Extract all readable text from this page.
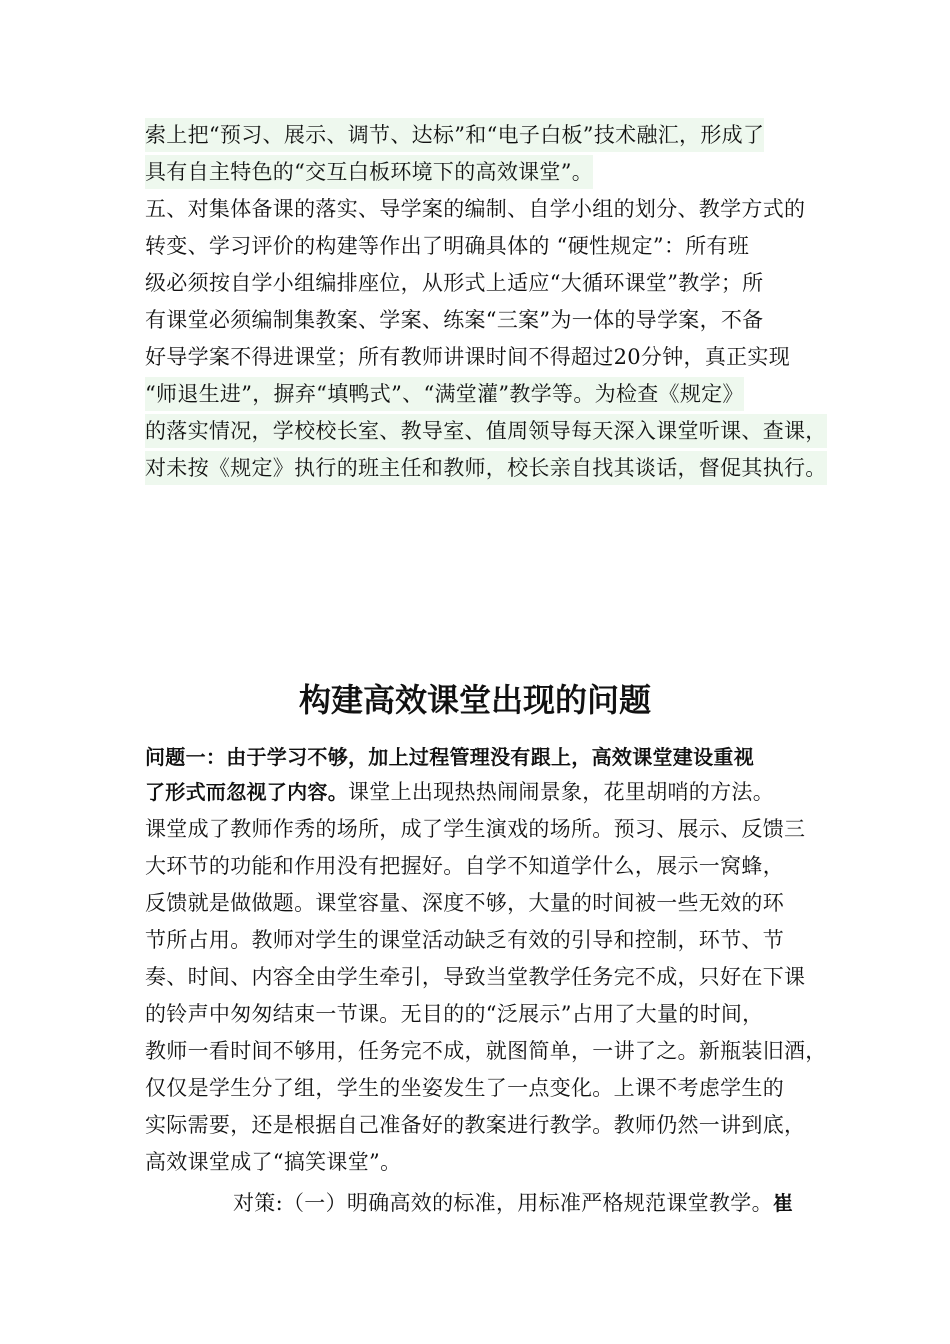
索上把“预习、展示、调节、达标”和“电子白板”技术融汇，形成了
具有自主特色的“交互白板环境下的高效课堂”。
五、对集体备课的落实、导学案的编制、自学小组的划分、教学方式的
转变、学习评价的构建等作出了明确具体的 “硬性规定”：所有班
级必须按自学小组编排座位，从形式上适应“大循环课堂”教学；所
有课堂必须编制集教案、学案、练案“三案”为一体的导学案，不备
好导学案不得进课堂；所有教师讲课时间不得超过20分钟，真正实现
“师退生进”，摒弃“填鸭式”、“满堂灌”教学等。为检查《规定》
的落实情况，学校校长室、教导室、值周领导每天深入课堂听课、查课，
对未按《规定》执行的班主任和教师，校长亲自找其谈话，督促其执行。
构建高效课堂出现的问题
问题一：由于学习不够，加上过程管理没有跟上，高效课堂建设重视
了形式而忽视了内容。课堂上出现热热闹闹景象，花里胡哨的方法。
课堂成了教师作秀的场所，成了学生演戏的场所。预习、展示、反馈三
大环节的功能和作用没有把握好。自学不知道学什么，展示一窝蜂，
反馈就是做做题。课堂容量、深度不够，大量的时间被一些无效的环
节所占用。教师对学生的课堂活动缺乏有效的引导和控制，环节、节
奏、时间、内容全由学生牵引，导致当堂教学任务完不成，只好在下课
的铃声中匆匆结束一节课。无目的的“泛展示”占用了大量的时间，
教师一看时间不够用，任务完不成，就图简单，一讲了之。新瓶装旧酒，
仅仅是学生分了组，学生的坐姿发生了一点变化。上课不考虑学生的
实际需要，还是根据自己准备好的教案进行教学。教师仍然一讲到底，
高效课堂成了“搞笑课堂”。
对策:（一）明确高效的标准，用标准严格规范课堂教学。崔
